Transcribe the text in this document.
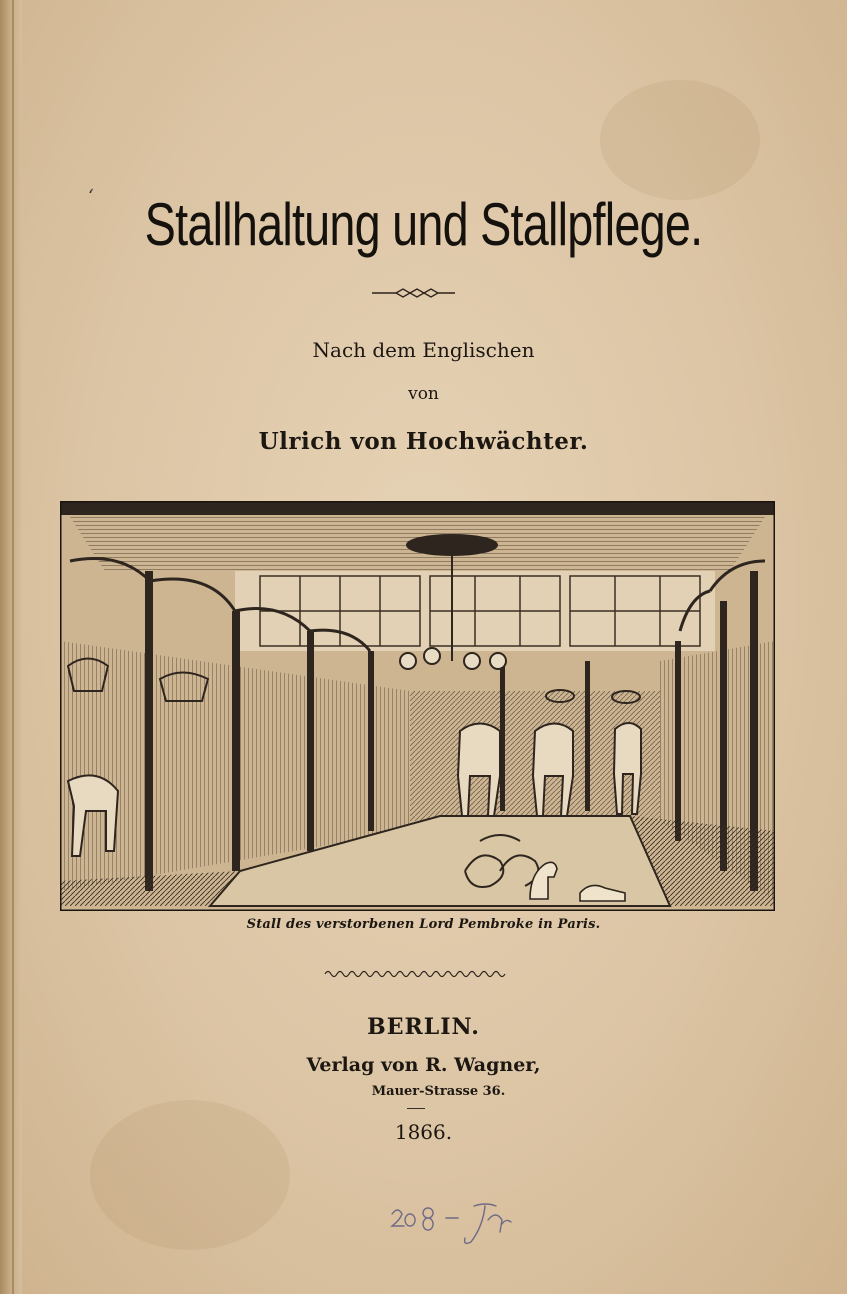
‘ Stallhaltung und Stallpflege.
Nach dem Englischen
von
Ulrich von Hochwächter.
Stall des verstorbenen Lord Pembroke in Paris.
BERLIN.
Verlag von R. Wagner,
Mauer-Strasse 36.
1866.
